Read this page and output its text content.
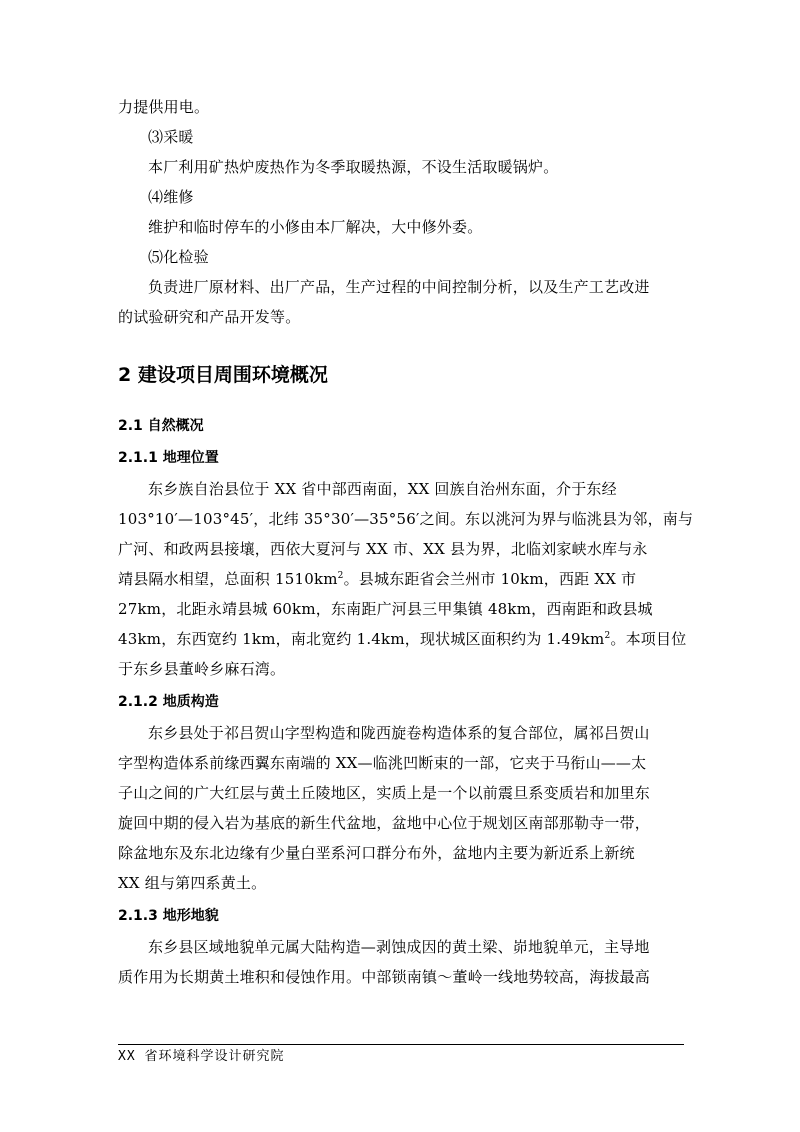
力提供用电。

⑶采暖

本厂利用矿热炉废热作为冬季取暖热源，不设生活取暖锅炉。

⑷维修

维护和临时停车的小修由本厂解决，大中修外委。

⑸化检验

负责进厂原材料、出厂产品，生产过程的中间控制分析，以及生产工艺改进
的试验研究和产品开发等。

2 建设项目周围环境概况
2.1 自然概况
2.1.1 地理位置

东乡族自治县位于 XX 省中部西南面，XX 回族自治州东面，介于东经
103°10′—103°45′，北纬 35°30′—35°56′之间。东以洮河为界与临洮县为邻，南与
广河、和政两县接壤，西依大夏河与 XX 市、XX 县为界，北临刘家峡水库与永
靖县隔水相望，总面积 $1510km^2$。县城东距省会兰州市 10km，西距 XX 市
27km，北距永靖县城 60km，东南距广河县三甲集镇 48km，西南距和政县城
43km，东西宽约 1km，南北宽约 1.4km，现状城区面积约为 $1.49km^2$。本项目位
于东乡县董岭乡麻石湾。

2.1.2 地质构造

东乡县处于祁吕贺山字型构造和陇西旋卷构造体系的复合部位，属祁吕贺山
字型构造体系前缘西翼东南端的 XX—临洮凹断束的一部，它夹于马衔山——太
子山之间的广大红层与黄土丘陵地区，实质上是一个以前震旦系变质岩和加里东
旋回中期的侵入岩为基底的新生代盆地，盆地中心位于规划区南部那勒寺一带，
除盆地东及东北边缘有少量白垩系河口群分布外，盆地内主要为新近系上新统
XX 组与第四系黄土。

2.1.3 地形地貌

东乡县区域地貌单元属大陆构造—剥蚀成因的黄土梁、峁地貌单元，主导地
质作用为长期黄土堆积和侵蚀作用。中部锁南镇～董岭一线地势较高，海拔最高

XX 省环境科学设计研究院
